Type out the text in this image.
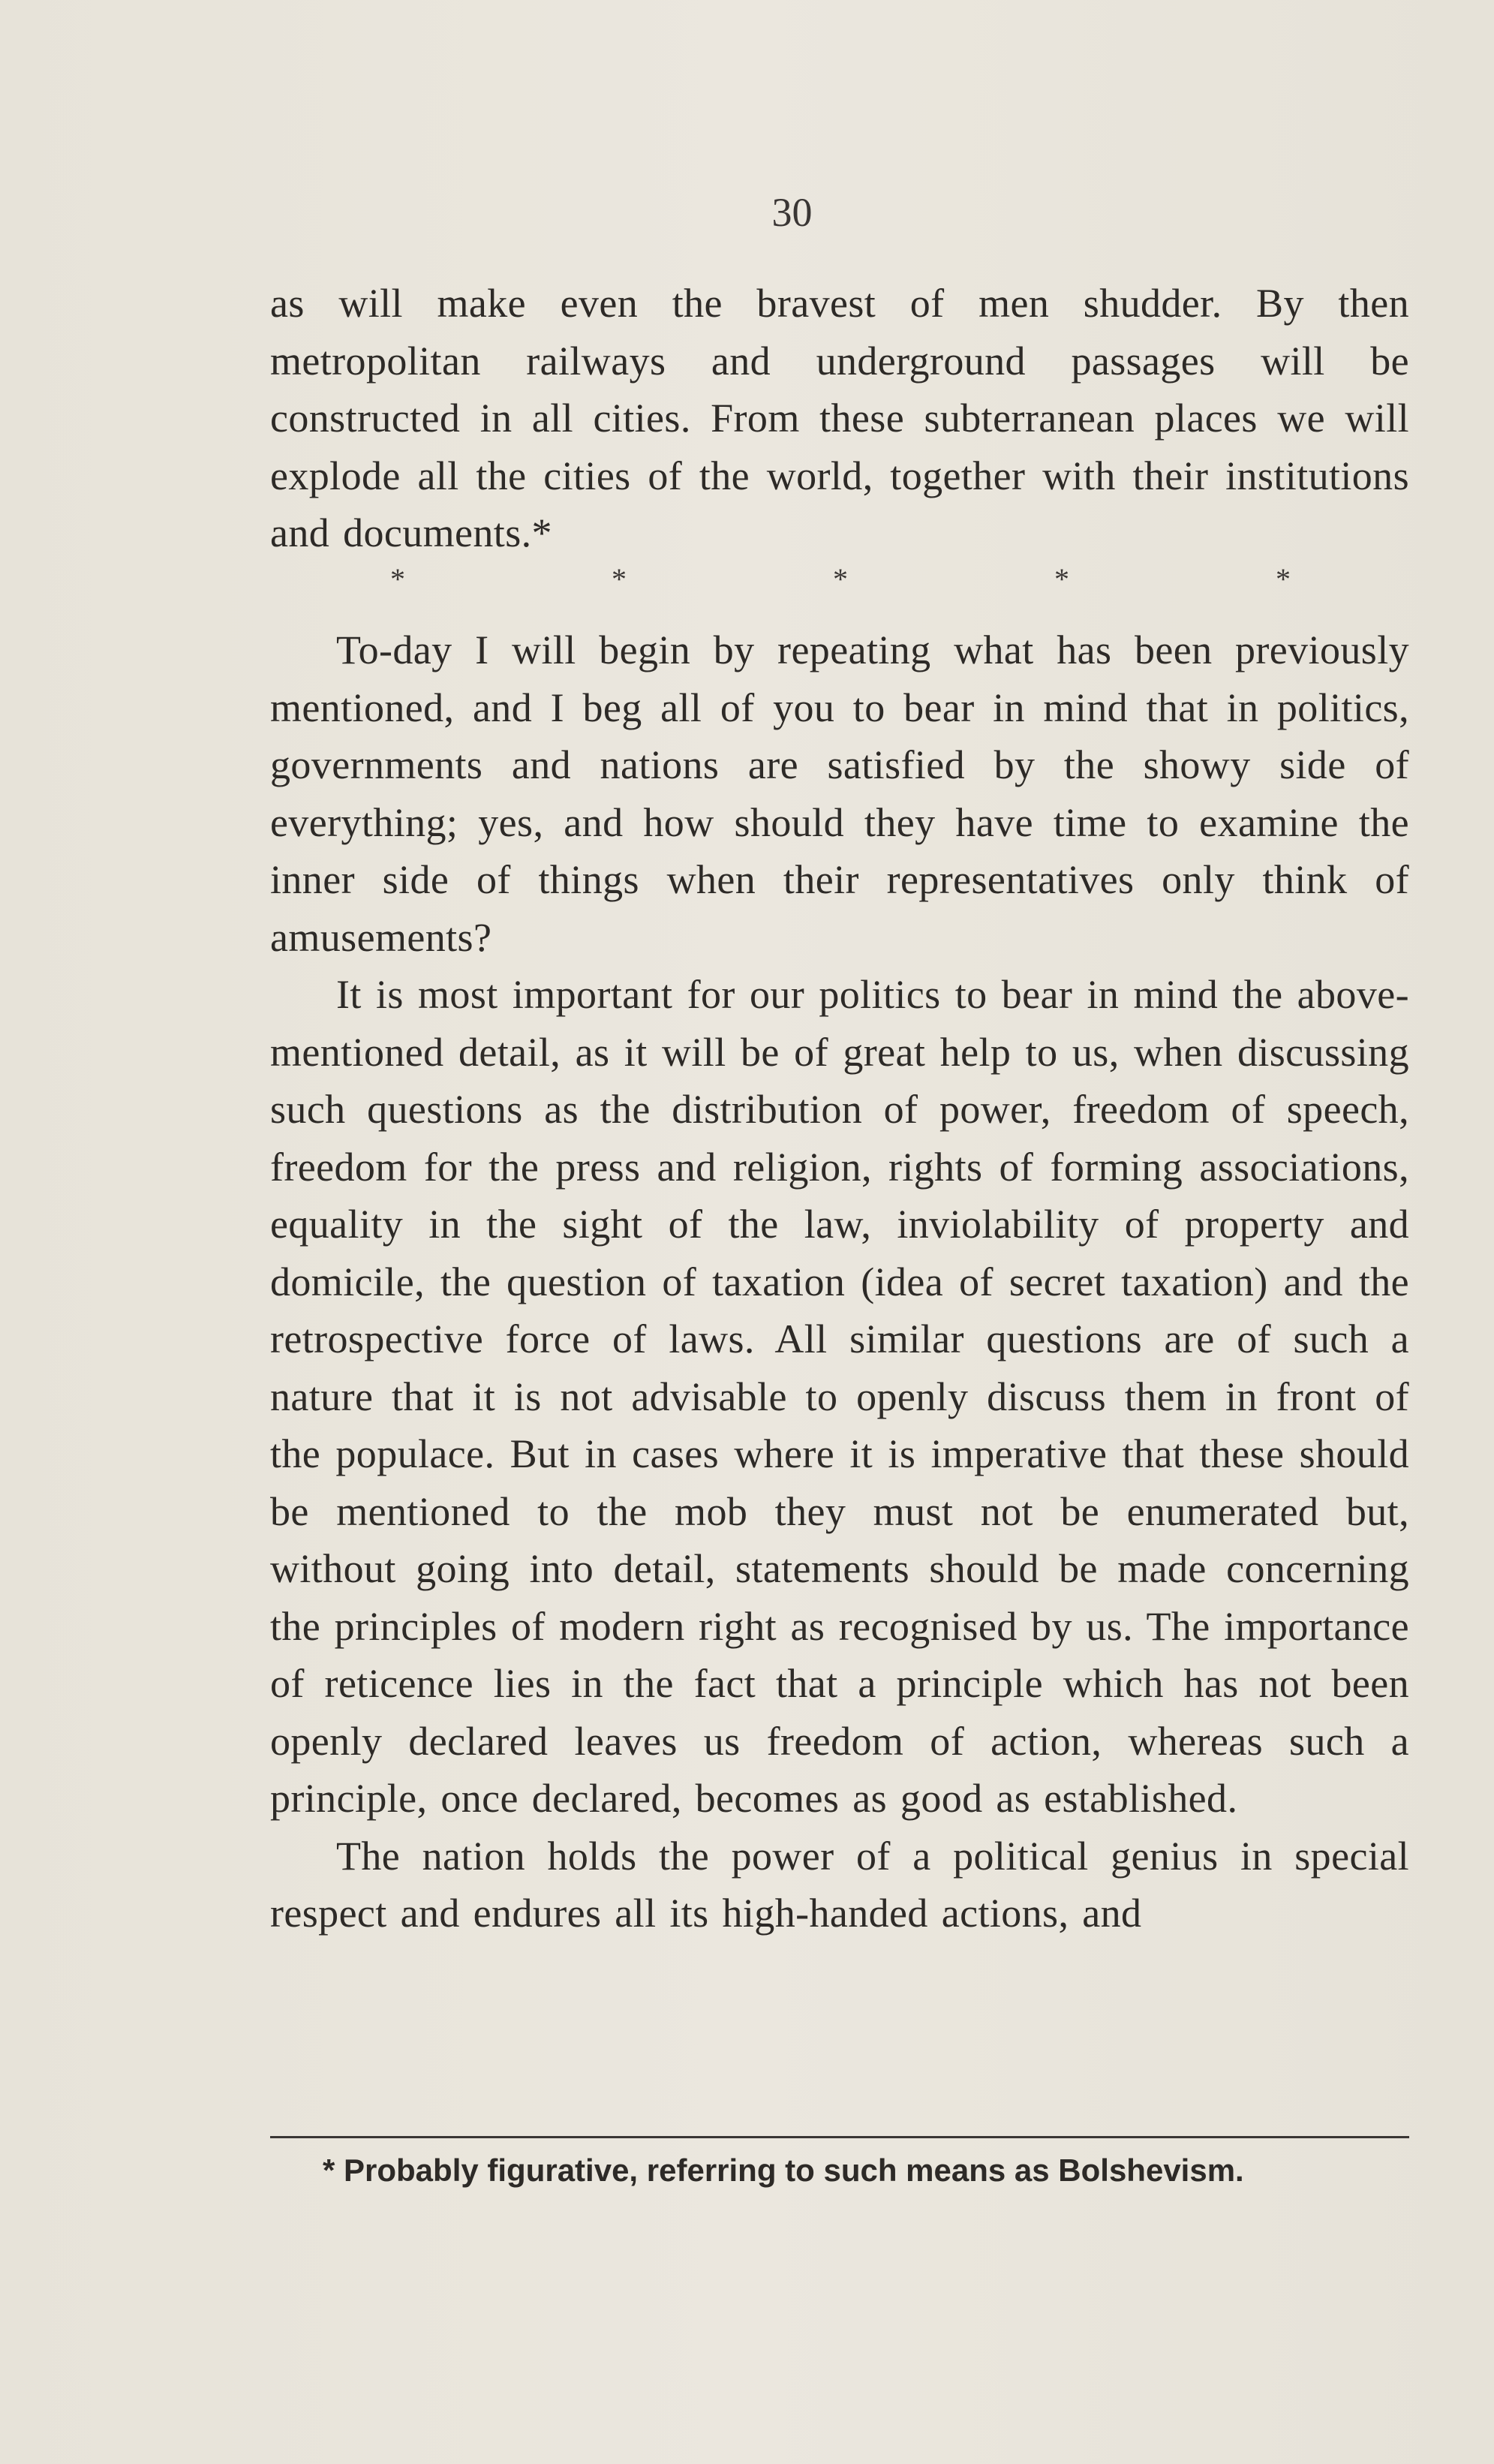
30

as will make even the bravest of men shudder. By then metropolitan railways and underground passages will be constructed in all cities. From these subterranean places we will explode all the cities of the world, together with their institutions and documents.*

*	*	*	*	*

To-day I will begin by repeating what has been previously mentioned, and I beg all of you to bear in mind that in politics, governments and nations are satisfied by the showy side of everything; yes, and how should they have time to examine the inner side of things when their representatives only think of amusements?

It is most important for our politics to bear in mind the above-mentioned detail, as it will be of great help to us, when discussing such questions as the distribution of power, freedom of speech, freedom for the press and religion, rights of forming associations, equality in the sight of the law, inviolability of property and domicile, the question of taxation (idea of secret taxation) and the retrospective force of laws. All similar questions are of such a nature that it is not advisable to openly discuss them in front of the populace. But in cases where it is imperative that these should be mentioned to the mob they must not be enumerated but, without going into detail, statements should be made concerning the principles of modern right as recognised by us. The importance of reticence lies in the fact that a principle which has not been openly declared leaves us freedom of action, whereas such a principle, once declared, becomes as good as established.

The nation holds the power of a political genius in special respect and endures all its high-handed actions, and

* Probably figurative, referring to such means as Bolshevism.
